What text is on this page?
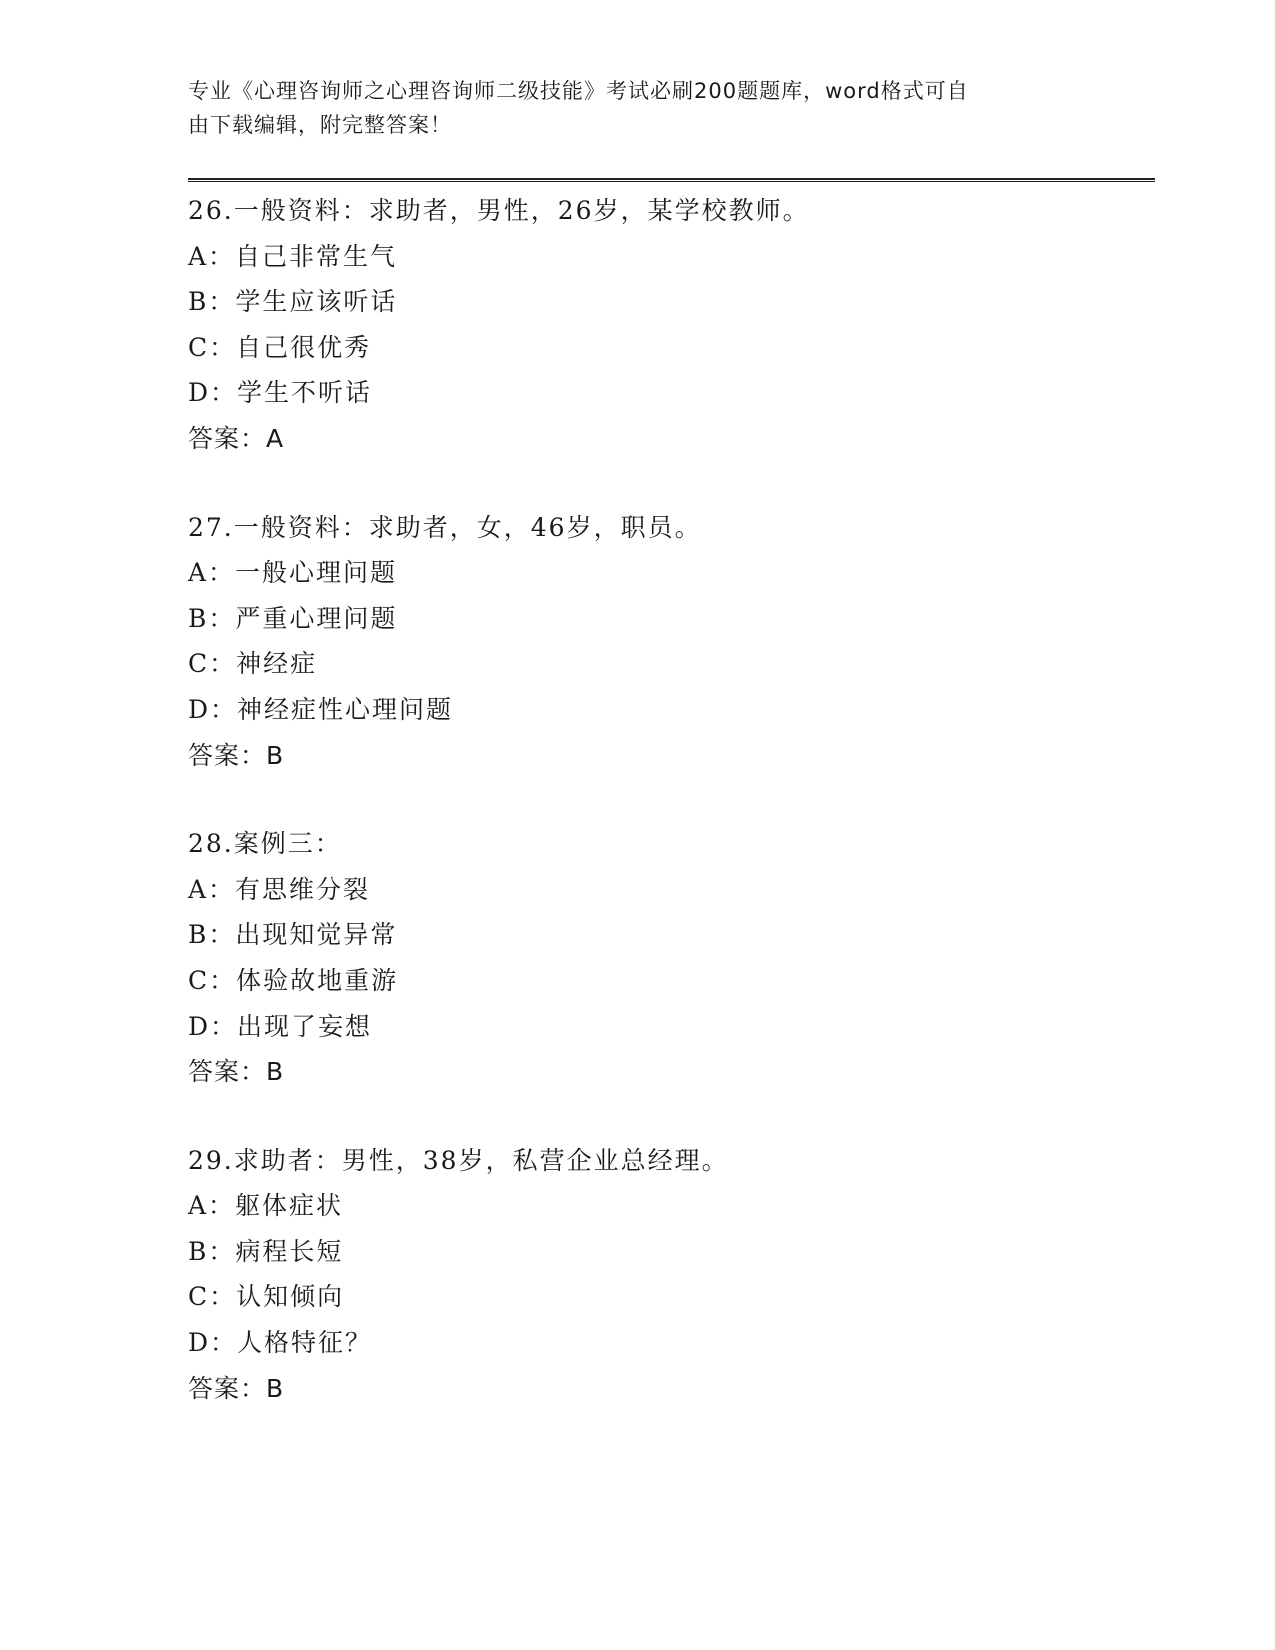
专业《心理咨询师之心理咨询师二级技能》考试必刷200题题库，word格式可自
由下载编辑，附完整答案！
26.一般资料：求助者，男性，26岁，某学校教师。
A：自己非常生气
B：学生应该听话
C：自己很优秀
D：学生不听话
答案：A
27.一般资料：求助者，女，46岁，职员。
A：一般心理问题
B：严重心理问题
C：神经症
D：神经症性心理问题
答案：B
28.案例三：
A：有思维分裂
B：出现知觉异常
C：体验故地重游
D：出现了妄想
答案：B
29.求助者：男性，38岁，私营企业总经理。
A：躯体症状
B：病程长短
C：认知倾向
D：人格特征？
答案：B
